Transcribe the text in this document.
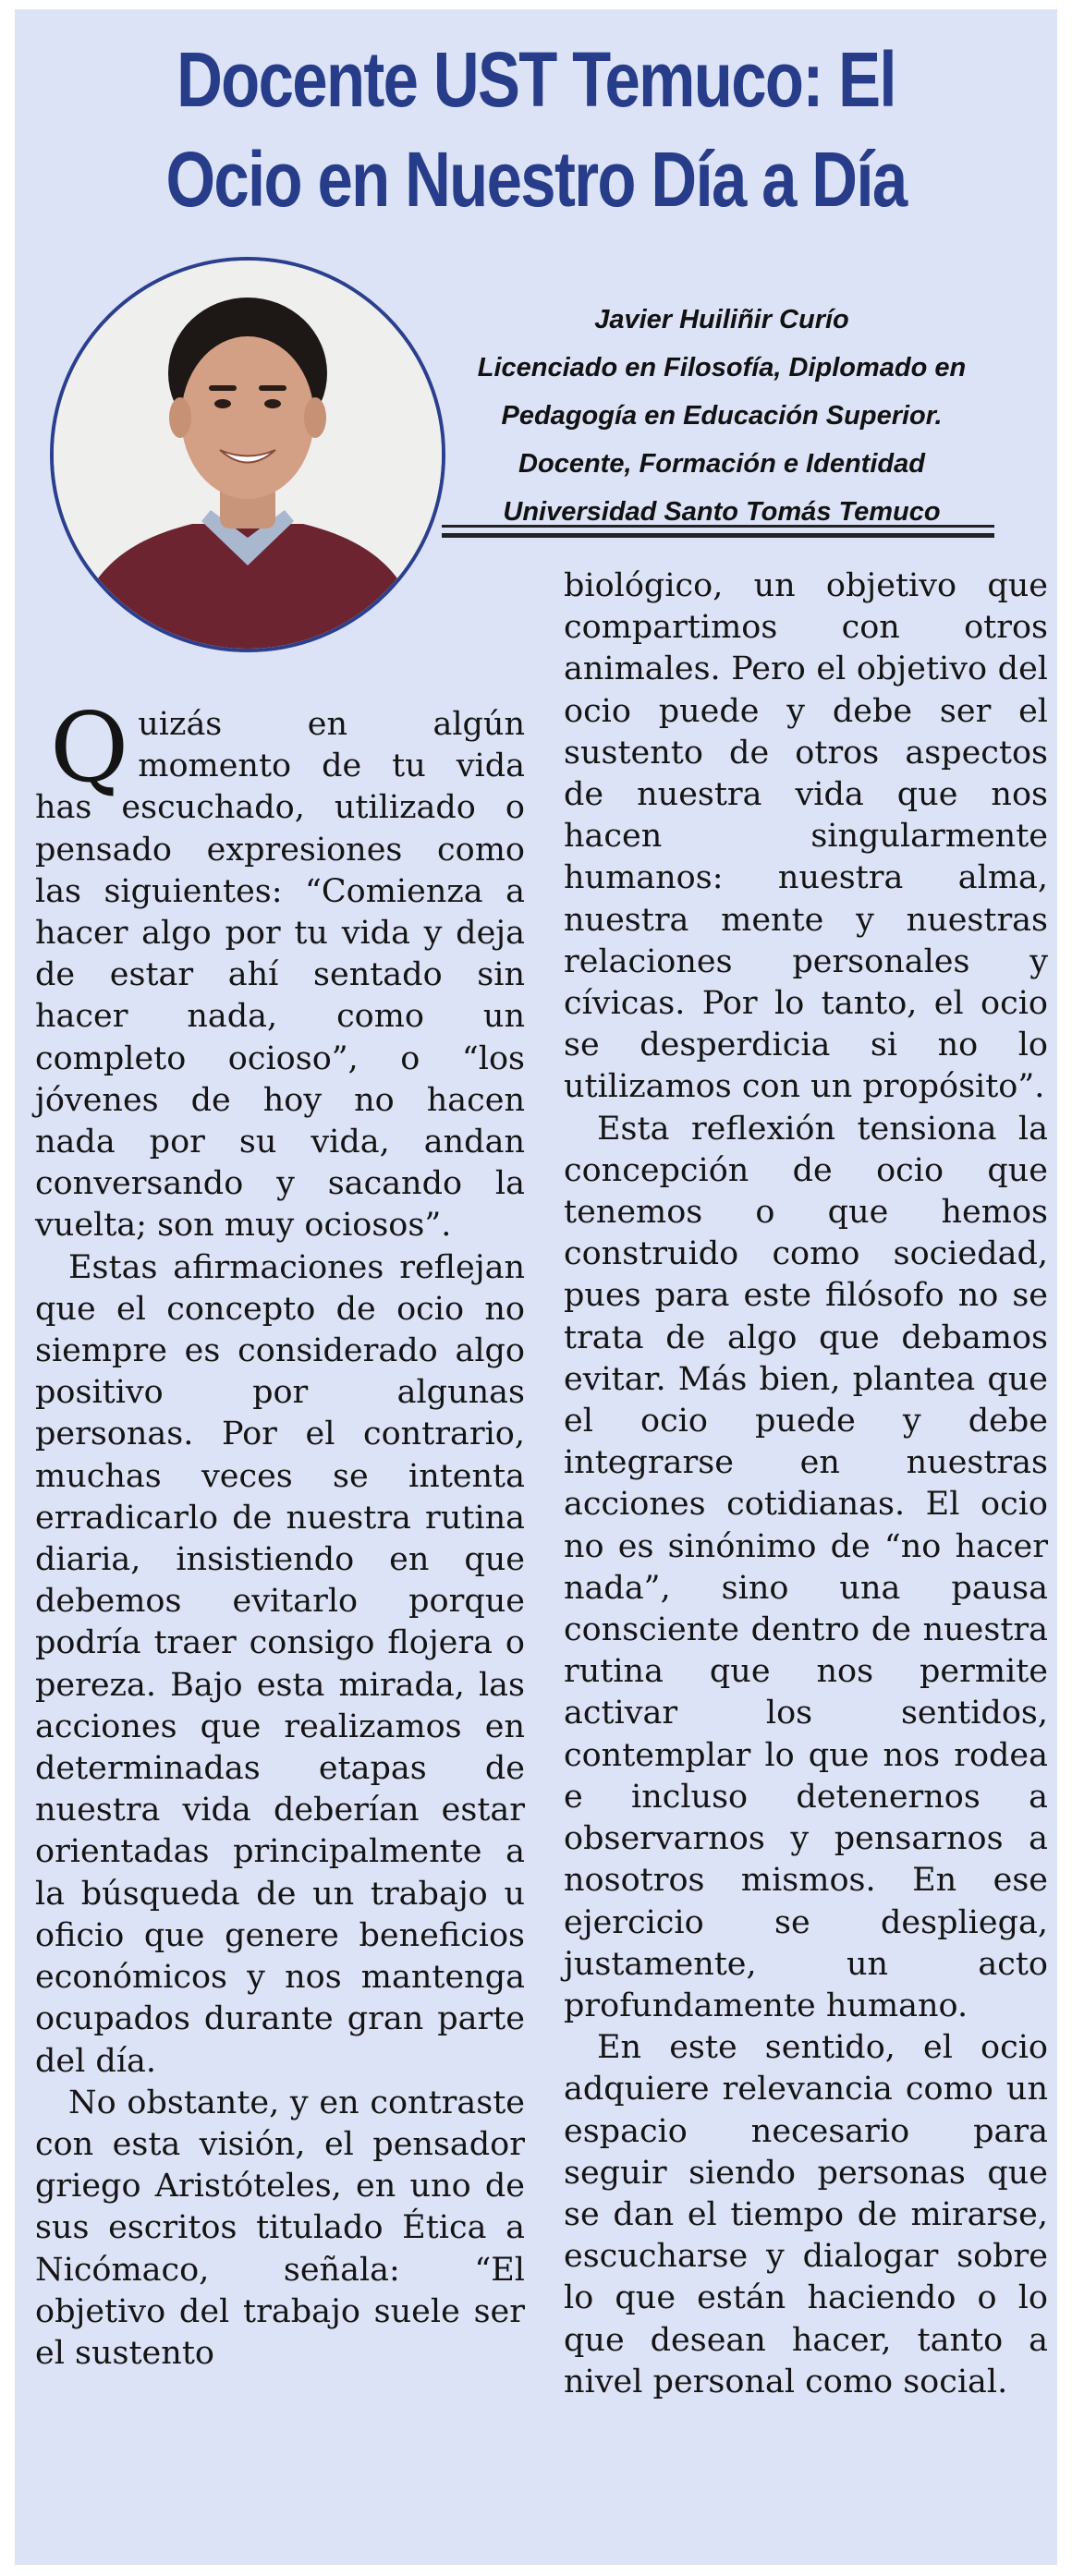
Docente UST Temuco: El
Ocio en Nuestro Día a Día
Javier Huiliñir Curío
Licenciado en Filosofía, Diplomado en
Pedagogía en Educación Superior.
Docente, Formación e Identidad
Universidad Santo Tomás Temuco

Quizás en algún momento de tu vida has escuchado, utilizado o pensado expresiones como las siguientes: “Comienza a hacer algo por tu vida y deja de estar ahí sentado sin hacer nada, como un completo ocioso”, o “los jóvenes de hoy no hacen nada por su vida, andan conversando y sacando la vuelta; son muy ociosos”.

Estas afirmaciones reflejan que el concepto de ocio no siempre es considerado algo positivo por algunas personas. Por el contrario, muchas veces se intenta erradicarlo de nuestra rutina diaria, insistiendo en que debemos evitarlo porque podría traer consigo flojera o pereza. Bajo esta mirada, las acciones que realizamos en determinadas etapas de nuestra vida deberían estar orientadas principalmente a la búsqueda de un trabajo u oficio que genere beneficios económicos y nos mantenga ocupados durante gran parte del día.

No obstante, y en contraste con esta visión, el pensador griego Aristóteles, en uno de sus escritos titulado Ética a Nicómaco, señala: “El objetivo del trabajo suele ser el sustento

biológico, un objetivo que compartimos con otros animales. Pero el objetivo del ocio puede y debe ser el sustento de otros aspectos de nuestra vida que nos hacen singularmente humanos: nuestra alma, nuestra mente y nuestras relaciones personales y cívicas. Por lo tanto, el ocio se desperdicia si no lo utilizamos con un propósito”.

Esta reflexión tensiona la concepción de ocio que tenemos o que hemos construido como sociedad, pues para este filósofo no se trata de algo que debamos evitar. Más bien, plantea que el ocio puede y debe integrarse en nuestras acciones cotidianas. El ocio no es sinónimo de “no hacer nada”, sino una pausa consciente dentro de nuestra rutina que nos permite activar los sentidos, contemplar lo que nos rodea e incluso detenernos a observarnos y pensarnos a nosotros mismos. En ese ejercicio se despliega, justamente, un acto profundamente humano.

En este sentido, el ocio adquiere relevancia como un espacio necesario para seguir siendo personas que se dan el tiempo de mirarse, escucharse y dialogar sobre lo que están haciendo o lo que desean hacer, tanto a nivel personal como social.
